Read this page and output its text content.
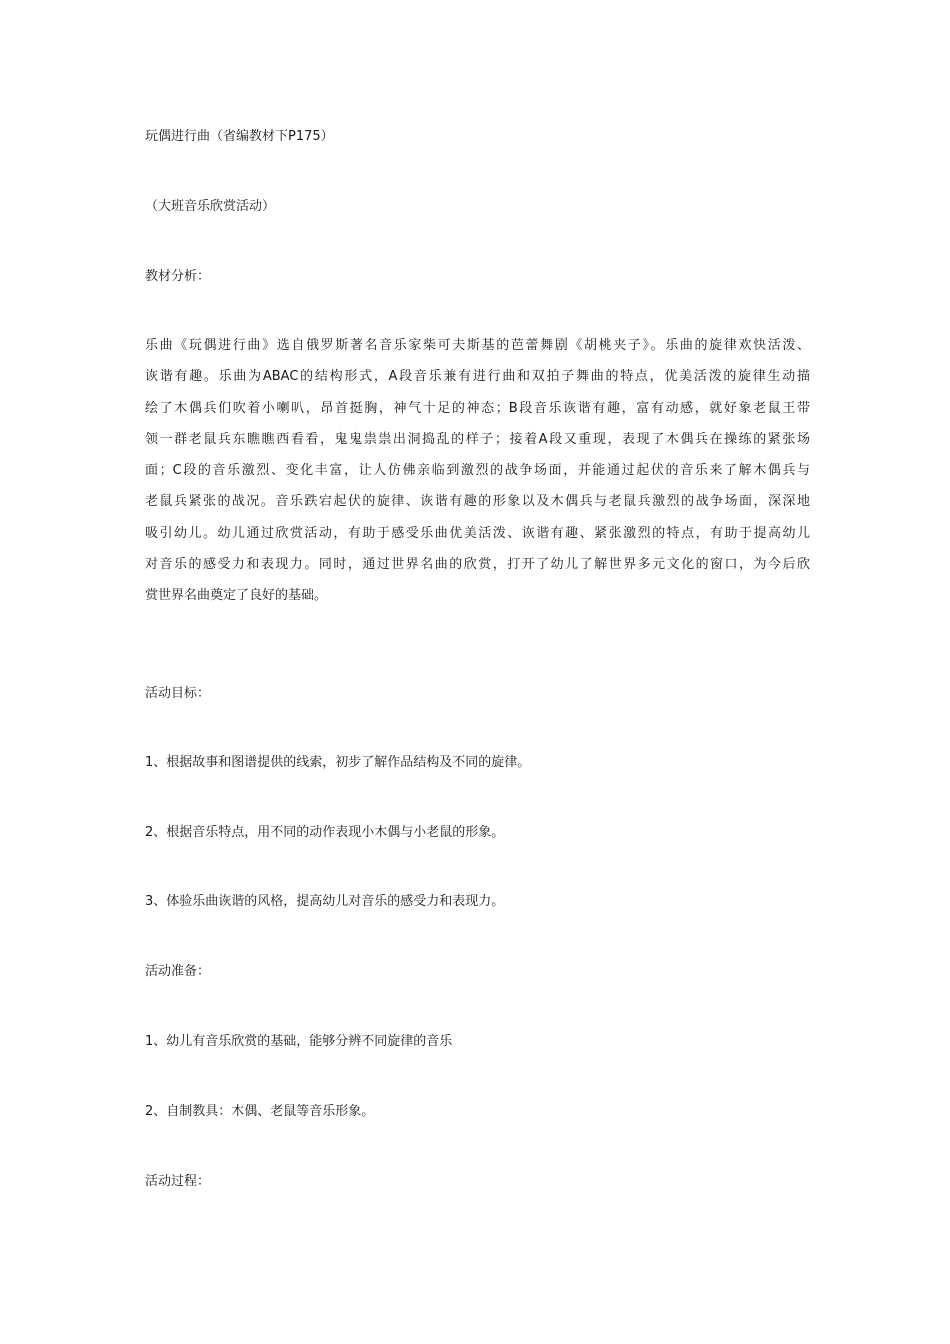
玩偶进行曲（省编教材下P175）

（大班音乐欣赏活动）

教材分析：

乐曲《玩偶进行曲》选自俄罗斯著名音乐家柴可夫斯基的芭蕾舞剧《胡桃夹子》。乐曲的旋律欢快活泼、
诙谐有趣。乐曲为ABAC的结构形式，A段音乐兼有进行曲和双拍子舞曲的特点，优美活泼的旋律生动描
绘了木偶兵们吹着小喇叭，昂首挺胸，神气十足的神态；B段音乐诙谐有趣，富有动感，就好象老鼠王带
领一群老鼠兵东瞧瞧西看看，鬼鬼祟祟出洞捣乱的样子；接着A段又重现，表现了木偶兵在操练的紧张场
面；C段的音乐激烈、变化丰富，让人仿佛亲临到激烈的战争场面，并能通过起伏的音乐来了解木偶兵与
老鼠兵紧张的战况。音乐跌宕起伏的旋律、诙谐有趣的形象以及木偶兵与老鼠兵激烈的战争场面，深深地
吸引幼儿。幼儿通过欣赏活动，有助于感受乐曲优美活泼、诙谐有趣、紧张激烈的特点，有助于提高幼儿
对音乐的感受力和表现力。同时，通过世界名曲的欣赏，打开了幼儿了解世界多元文化的窗口，为今后欣
赏世界名曲奠定了良好的基础。

活动目标：

1、根据故事和图谱提供的线索，初步了解作品结构及不同的旋律。

2、根据音乐特点，用不同的动作表现小木偶与小老鼠的形象。

3、体验乐曲诙谐的风格，提高幼儿对音乐的感受力和表现力。

活动准备：

1、幼儿有音乐欣赏的基础，能够分辨不同旋律的音乐

2、自制教具：木偶、老鼠等音乐形象。

活动过程：
